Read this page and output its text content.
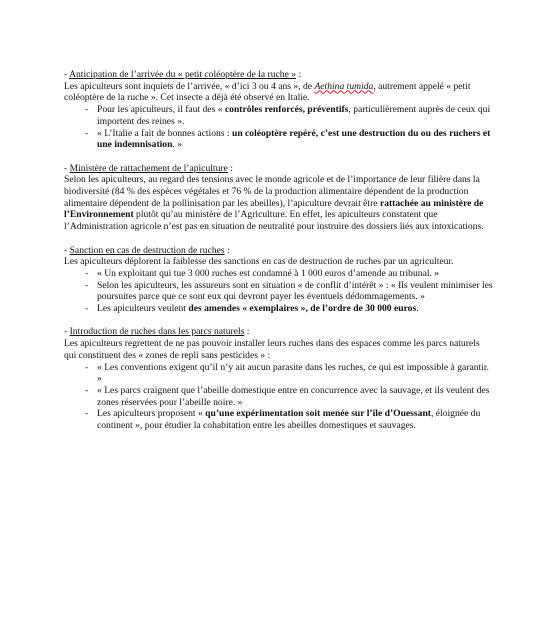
- Anticipation de l’arrivée du « petit coléoptère de la ruche » :
Les apiculteurs sont inquiets de l’arrivée, « d’ici 3 ou 4 ans », de Aethina tumida, autrement appelé « petit coléoptère de la ruche ». Cet insecte a déjà été observé en Italie.
- Pour les apiculteurs, il faut des « contrôles renforcés, préventifs, particulièrement auprès de ceux qui importent des reines ».
- « L’Italie a fait de bonnes actions : un coléoptère repéré, c’est une destruction du ou des ruchers et une indemnisation. »
- Ministère de rattachement de l’apiculture :
Selon les apiculteurs, au regard des tensions avec le monde agricole et de l’importance de leur filière dans la biodiversité (84 % des espèces végétales et 76 % de la production alimentaire dépendent de la production alimentaire dépendent de la pollinisation par les abeilles), l’apiculture devrait être rattachée au ministère de l’Environnement plutôt qu’au ministère de l’Agriculture. En effet, les apiculteurs constatent que l’Administration agricole n’est pas en situation de neutralité pour instruire des dossiers liés aux intoxications.
- Sanction en cas de destruction de ruches :
Les apiculteurs déplorent la faiblesse des sanctions en cas de destruction de ruches par un agriculteur.
- « Un exploitant qui tue 3 000 ruches est condamné à 1 000 euros d’amende au tribunal. »
- Selon les apiculteurs, les assureurs sont en situation « de conflit d’intérêt » : « Ils veulent minimiser les poursuites parce que ce sont eux qui devront payer les éventuels dédommagements. »
- Les apiculteurs veulent des amendes « exemplaires », de l’ordre de 30 000 euros.
- Introduction de ruches dans les parcs naturels :
Les apiculteurs regrettent de ne pas pouvoir installer leurs ruches dans des espaces comme les parcs naturels qui constituent des « zones de repli sans pesticides » :
- « Les conventions exigent qu’il n’y ait aucun parasite dans les ruches, ce qui est impossible à garantir. »
- « Les parcs craignent que l’abeille domestique entre en concurrence avec la sauvage, et ils veulent des zones réservées pour l’abeille noire. »
- Les apiculteurs proposent « qu’une expérimentation soit menée sur l’île d’Ouessant, éloignée du continent », pour étudier la cohabitation entre les abeilles domestiques et sauvages.
